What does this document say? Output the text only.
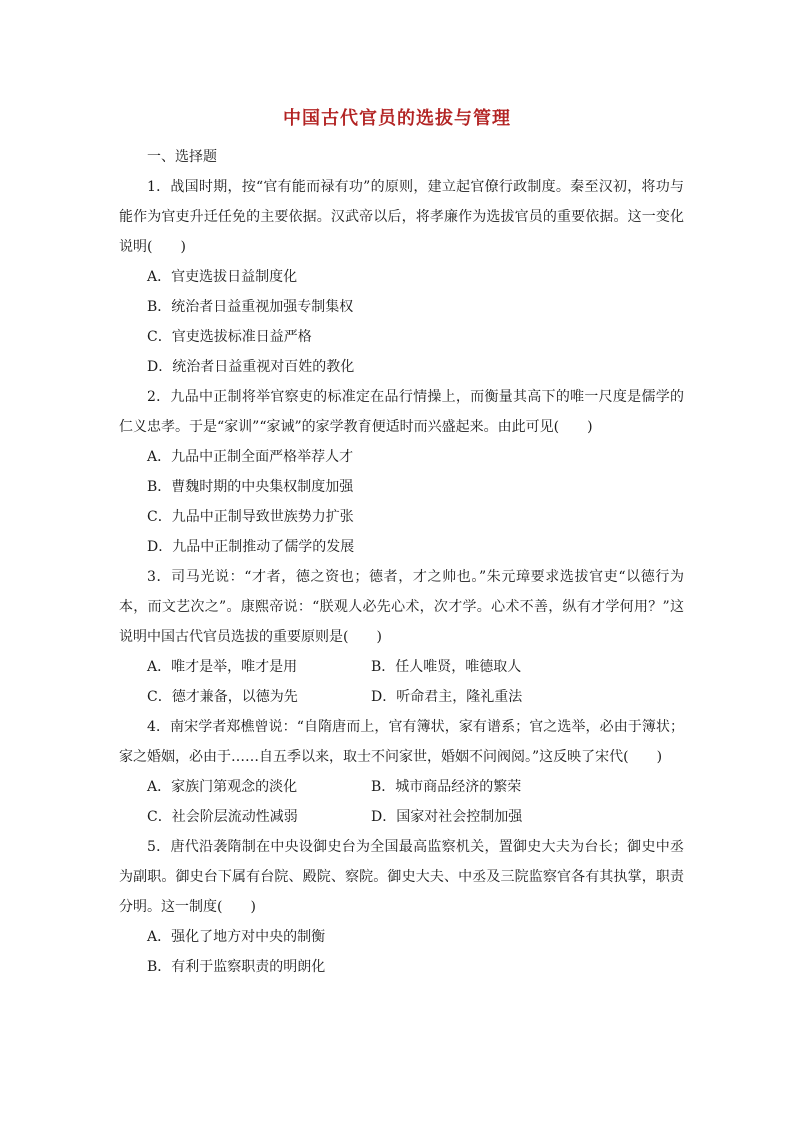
中国古代官员的选拔与管理

一、选择题

1．战国时期，按“官有能而禄有功”的原则，建立起官僚行政制度。秦至汉初，将功与能作为官吏升迁任免的主要依据。汉武帝以后，将孝廉作为选拔官员的重要依据。这一变化说明(　　)

A．官吏选拔日益制度化

B．统治者日益重视加强专制集权

C．官吏选拔标准日益严格

D．统治者日益重视对百姓的教化

2．九品中正制将举官察吏的标准定在品行情操上，而衡量其高下的唯一尺度是儒学的仁义忠孝。于是“家训”“家诫”的家学教育便适时而兴盛起来。由此可见(　　)

A．九品中正制全面严格举荐人才

B．曹魏时期的中央集权制度加强

C．九品中正制导致世族势力扩张

D．九品中正制推动了儒学的发展

3．司马光说：“才者，德之资也；德者，才之帅也。”朱元璋要求选拔官吏“以德行为本，而文艺次之”。康熙帝说：“朕观人必先心术，次才学。心术不善，纵有才学何用？”这说明中国古代官员选拔的重要原则是(　　)

A．唯才是举，唯才是用	B．任人唯贤，唯德取人

C．德才兼备，以德为先	D．听命君主，隆礼重法

4．南宋学者郑樵曾说：“自隋唐而上，官有簿状，家有谱系；官之选举，必由于簿状；家之婚姻，必由于……自五季以来，取士不问家世，婚姻不问阀阅。”这反映了宋代(　　)

A．家族门第观念的淡化	B．城市商品经济的繁荣

C．社会阶层流动性减弱	D．国家对社会控制加强

5．唐代沿袭隋制在中央设御史台为全国最高监察机关，置御史大夫为台长；御史中丞为副职。御史台下属有台院、殿院、察院。御史大夫、中丞及三院监察官各有其执掌，职责分明。这一制度(　　)

A．强化了地方对中央的制衡

B．有利于监察职责的明朗化
